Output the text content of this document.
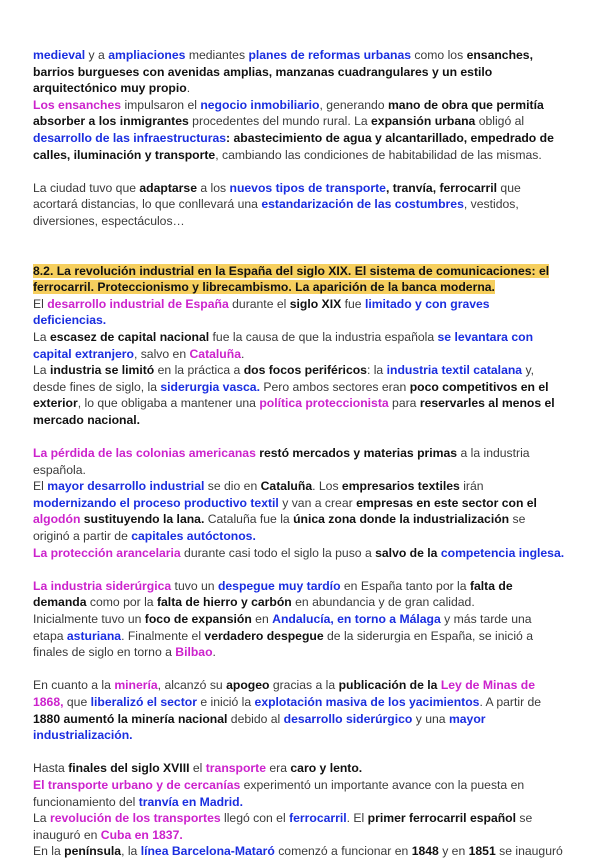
medieval y a ampliaciones mediantes planes de reformas urbanas como los ensanches, barrios burgueses con avenidas amplias, manzanas cuadrangulares y un estilo arquitectónico muy propio.
Los ensanches impulsaron el negocio inmobiliario, generando mano de obra que permitía absorber a los inmigrantes procedentes del mundo rural. La expansión urbana obligó al desarrollo de las infraestructuras: abastecimiento de agua y alcantarillado, empedrado de calles, iluminación y transporte, cambiando las condiciones de habitabilidad de las mismas.
La ciudad tuvo que adaptarse a los nuevos tipos de transporte, tranvía, ferrocarril que acortará distancias, lo que conllevará una estandarización de las costumbres, vestidos, diversiones, espectáculos…
8.2. La revolución industrial en la España del siglo XIX. El sistema de comunicaciones: el ferrocarril. Proteccionismo y librecambismo. La aparición de la banca moderna.
El desarrollo industrial de España durante el siglo XIX fue limitado y con graves deficiencias.
La escasez de capital nacional fue la causa de que la industria española se levantara con capital extranjero, salvo en Cataluña.
La industria se limitó en la práctica a dos focos periféricos: la industria textil catalana y, desde fines de siglo, la siderurgia vasca. Pero ambos sectores eran poco competitivos en el exterior, lo que obligaba a mantener una política proteccionista para reservarles al menos el mercado nacional.
La pérdida de las colonias americanas restó mercados y materias primas a la industria española.
El mayor desarrollo industrial se dio en Cataluña. Los empresarios textiles irán modernizando el proceso productivo textil y van a crear empresas en este sector con el algodón sustituyendo la lana. Cataluña fue la única zona donde la industrialización se originó a partir de capitales autóctonos.
La protección arancelaria durante casi todo el siglo la puso a salvo de la competencia inglesa.
La industria siderúrgica tuvo un despegue muy tardío en España tanto por la falta de demanda como por la falta de hierro y carbón en abundancia y de gran calidad.
Inicialmente tuvo un foco de expansión en Andalucía, en torno a Málaga y más tarde una etapa asturiana. Finalmente el verdadero despegue de la siderurgia en España, se inició a finales de siglo en torno a Bilbao.
En cuanto a la minería, alcanzó su apogeo gracias a la publicación de la Ley de Minas de 1868, que liberalizó el sector e inició la explotación masiva de los yacimientos. A partir de 1880 aumentó la minería nacional debido al desarrollo siderúrgico y una mayor industrialización.
Hasta finales del siglo XVIII el transporte era caro y lento.
El transporte urbano y de cercanías experimentó un importante avance con la puesta en funcionamiento del tranvía en Madrid.
La revolución de los transportes llegó con el ferrocarril. El primer ferrocarril español se inauguró en Cuba en 1837.
En la península, la línea Barcelona-Mataró comenzó a funcionar en 1848 y en 1851 se inauguró
